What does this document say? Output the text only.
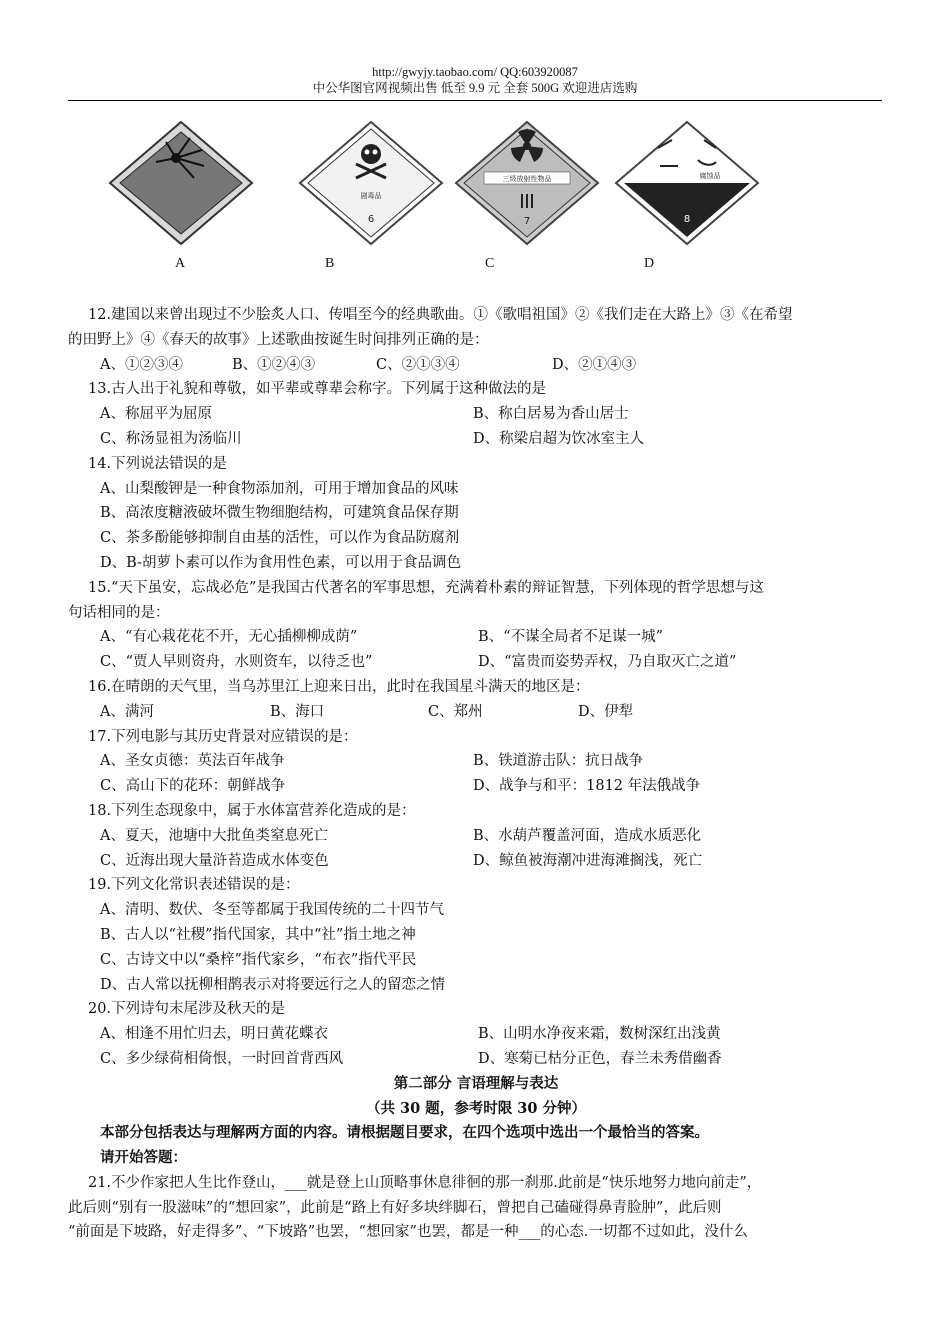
http://gwyjy.taobao.com/ QQ:603920087
中公华图官网视频出售 低至 9.9 元 全套 500G 欢迎进店选购
A
剧毒品
6
B
三级放射性物品
7
C
腐蚀品
8
D
12.建国以来曾出现过不少脍炙人口、传唱至今的经典歌曲。①《歌唱祖国》②《我们走在大路上》③《在希望
的田野上》④《春天的故事》上述歌曲按诞生时间排列正确的是：
A、①②③④	B、①②④③	C、②①③④	D、②①④③
13.古人出于礼貌和尊敬，如平辈或尊辈会称字。下列属于这种做法的是
A、称屈平为屈原	B、称白居易为香山居士
C、称汤显祖为汤临川	D、称梁启超为饮冰室主人
14.下列说法错误的是
A、山梨酸钾是一种食物添加剂，可用于增加食品的风味
B、高浓度糖液破坏微生物细胞结构，可建筑食品保存期
C、茶多酚能够抑制自由基的活性，可以作为食品防腐剂
D、B-胡萝卜素可以作为食用性色素，可以用于食品调色
15.“天下虽安，忘战必危”是我国古代著名的军事思想，充满着朴素的辩证智慧，下列体现的哲学思想与这
句话相同的是：
A、“有心栽花花不开，无心插柳柳成荫”	B、“不谋全局者不足谋一城”
C、“贾人早则资舟，水则资车，以待乏也”	D、“富贵而姿势弄权，乃自取灭亡之道”
16.在晴朗的天气里，当乌苏里江上迎来日出，此时在我国星斗满天的地区是：
A、满河	B、海口	C、郑州	D、伊犁
17.下列电影与其历史背景对应错误的是：
A、圣女贞德：英法百年战争	B、铁道游击队：抗日战争
C、高山下的花环：朝鲜战争	D、战争与和平：1812 年法俄战争
18.下列生态现象中，属于水体富营养化造成的是：
A、夏天，池塘中大批鱼类窒息死亡	B、水葫芦覆盖河面，造成水质恶化
C、近海出现大量浒苔造成水体变色	D、鲸鱼被海潮冲进海滩搁浅，死亡
19.下列文化常识表述错误的是：
A、清明、数伏、冬至等都属于我国传统的二十四节气
B、古人以“社稷”指代国家，其中“社”指土地之神
C、古诗文中以“桑梓”指代家乡，“布衣”指代平民
D、古人常以抚柳相鹊表示对将要远行之人的留恋之情
20.下列诗句末尾涉及秋天的是
A、相逢不用忙归去，明日黄花蝶衣	B、山明水净夜来霜，数树深红出浅黄
C、多少绿荷相倚恨，一时回首背西风	D、寒菊已枯分正色，春兰未秀借幽香
第二部分 言语理解与表达
（共 30 题，参考时限 30 分钟）
本部分包括表达与理解两方面的内容。请根据题目要求，在四个选项中选出一个最恰当的答案。
请开始答题：
21.不少作家把人生比作登山，___就是登上山顶略事休息徘徊的那一刹那.此前是“快乐地努力地向前走”，
此后则“别有一股滋味”的“想回家”，此前是“路上有好多块绊脚石，曾把自己磕碰得鼻青脸肿”，此后则
“前面是下坡路，好走得多”、“下坡路”也罢，“想回家”也罢，都是一种___的心态.一切都不过如此，没什么
